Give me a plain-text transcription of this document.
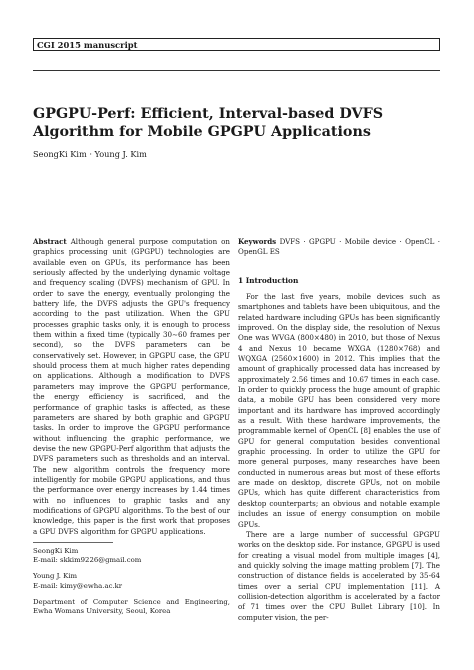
CGI 2015 manuscript
GPGPU-Perf: Efficient, Interval-based DVFS Algorithm for Mobile GPGPU Applications
SeongKi Kim · Young J. Kim

Abstract Although general purpose computation on graphics processing unit (GPGPU) technologies are available even on GPUs, its performance has been seriously affected by the underlying dynamic voltage and frequency scaling (DVFS) mechanism of GPU. In order to save the energy, eventually prolonging the battery life, the DVFS adjusts the GPU's frequency according to the past utilization. When the GPU processes graphic tasks only, it is enough to process them within a fixed time (typically 30∼60 frames per second), so the DVFS parameters can be conservatively set. However, in GPGPU case, the GPU should process them at much higher rates depending on applications. Although a modification to DVFS parameters may improve the GPGPU performance, the energy efficiency is sacrificed, and the performance of graphic tasks is affected, as these parameters are shared by both graphic and GPGPU tasks. In order to improve the GPGPU performance without influencing the graphic performance, we devise the new GPGPU-Perf algorithm that adjusts the DVFS parameters such as thresholds and an interval. The new algorithm controls the frequency more intelligently for mobile GPGPU applications, and thus the performance over energy increases by 1.44 times with no influences to graphic tasks and any modifications of GPGPU algorithms. To the best of our knowledge, this paper is the first work that proposes a GPU DVFS algorithm for GPGPU applications.

SeongKi Kim

E-mail: skkim9226@gmail.com

Young J. Kim

E-mail: kimy@ewha.ac.kr

Department of Computer Science and Engineering, Ewha Womans University, Seoul, Korea

Keywords DVFS · GPGPU · Mobile device · OpenCL · OpenGL ES

1 Introduction

For the last five years, mobile devices such as smartphones and tablets have been ubiquitous, and the related hardware including GPUs has been significantly improved. On the display side, the resolution of Nexus One was WVGA (800×480) in 2010, but those of Nexus 4 and Nexus 10 became WXGA (1280×768) and WQXGA (2560×1600) in 2012. This implies that the amount of graphically processed data has increased by approximately 2.56 times and 10.67 times in each case. In order to quickly process the huge amount of graphic data, a mobile GPU has been considered very more important and its hardware has improved accordingly as a result. With these hardware improvements, the programmable kernel of OpenCL [8] enables the use of GPU for general computation besides conventional graphic processing. In order to utilize the GPU for more general purposes, many researches have been conducted in numerous areas but most of these efforts are made on desktop, discrete GPUs, not on mobile GPUs, which has quite different characteristics from desktop counterparts; an obvious and notable example includes an issue of energy consumption on mobile GPUs.

There are a large number of successful GPGPU works on the desktop side. For instance, GPGPU is used for creating a visual model from multiple images [4], and quickly solving the image matting problem [7]. The construction of distance fields is accelerated by 35-64 times over a serial CPU implementation [11]. A collision-detection algorithm is accelerated by a factor of 71 times over the CPU Bullet Library [10]. In computer vision, the per-
